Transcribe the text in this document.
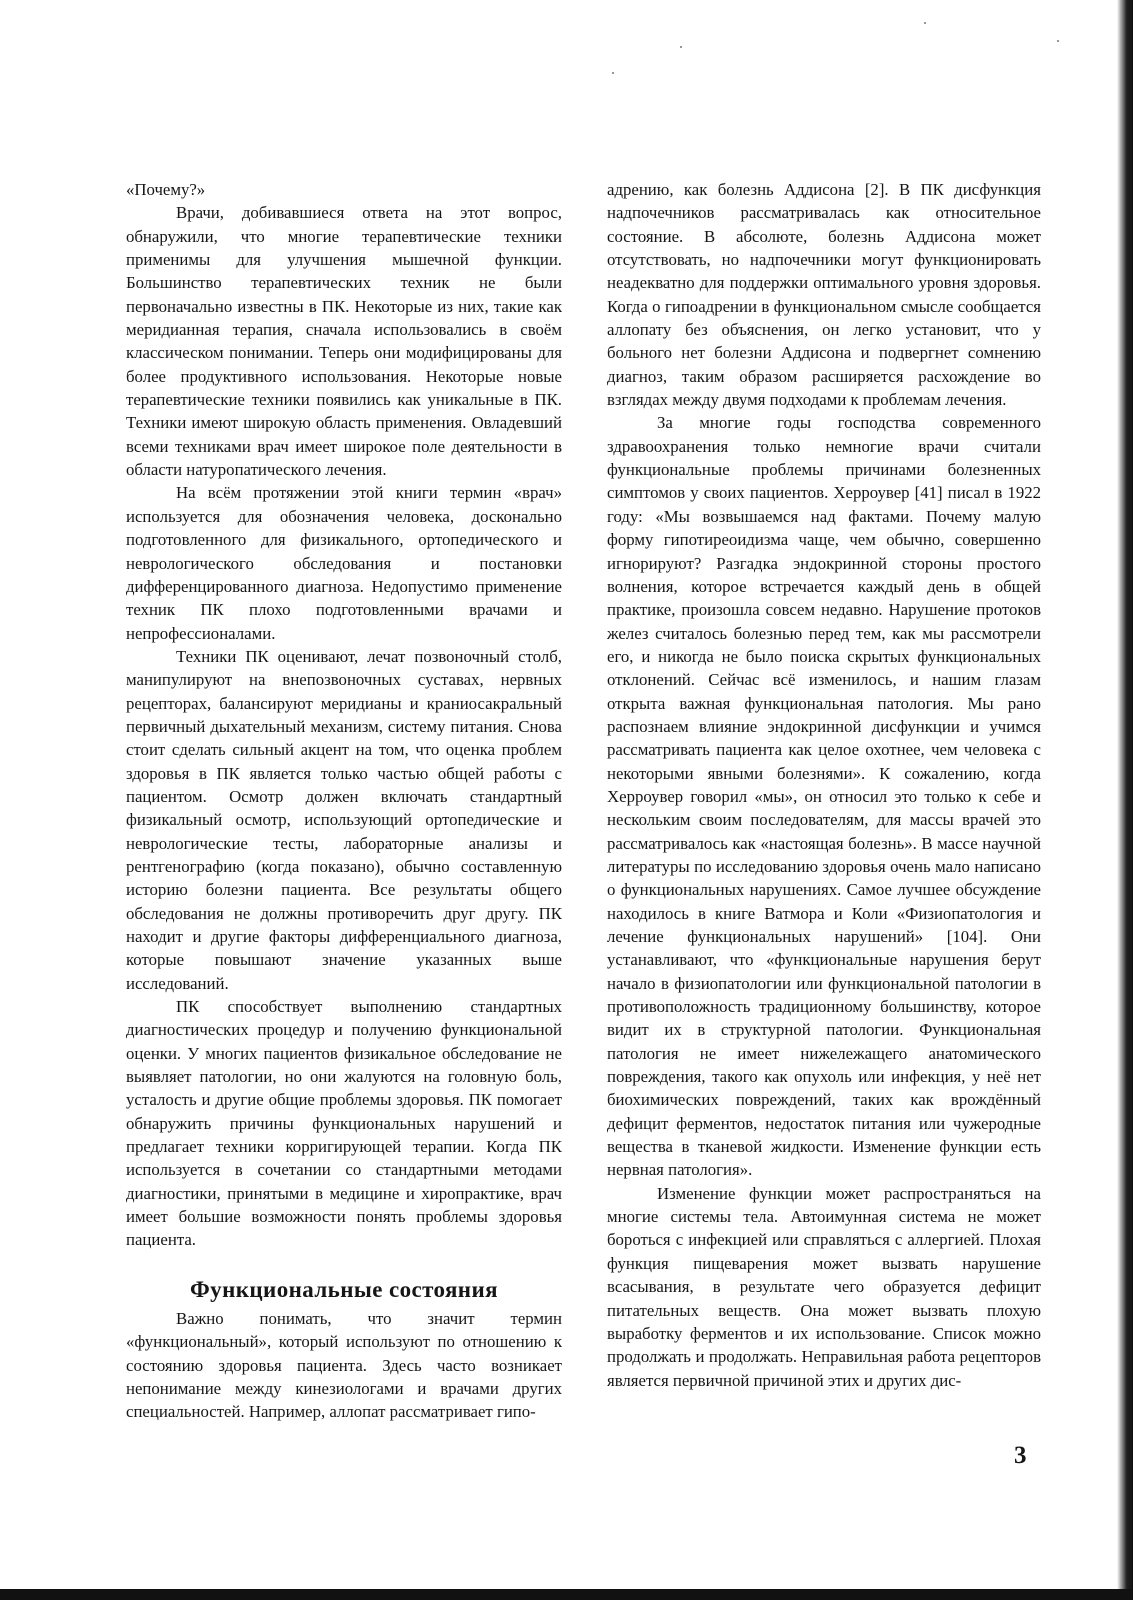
«Почему?»

Врачи, добивавшиеся ответа на этот вопрос, обнаружили, что многие терапевтические техники применимы для улучшения мышечной функции. Большинство терапевтических техник не были первоначально известны в ПК. Некоторые из них, такие как меридианная терапия, сначала использовались в своём классическом понимании. Теперь они модифицированы для более продуктивного использования. Некоторые новые терапевтические техники появились как уникальные в ПК. Техники имеют широкую область применения. Овладевший всеми техниками врач имеет широкое поле деятельности в области натуропатического лечения.

На всём протяжении этой книги термин «врач» используется для обозначения человека, досконально подготовленного для физикального, ортопедического и неврологического обследования и постановки дифференцированного диагноза. Недопустимо применение техник ПК плохо подготовленными врачами и непрофессионалами.

Техники ПК оценивают, лечат позвоночный столб, манипулируют на внепозвоночных суставах, нервных рецепторах, балансируют меридианы и краниосакральный первичный дыхательный механизм, систему питания. Снова стоит сделать сильный акцент на том, что оценка проблем здоровья в ПК является только частью общей работы с пациентом. Осмотр должен включать стандартный физикальный осмотр, использующий ортопедические и неврологические тесты, лабораторные анализы и рентгенографию (когда показано), обычно составленную историю болезни пациента. Все результаты общего обследования не должны противоречить друг другу. ПК находит и другие факторы дифференциального диагноза, которые повышают значение указанных выше исследований.

ПК способствует выполнению стандартных диагностических процедур и получению функциональной оценки. У многих пациентов физикальное обследование не выявляет патологии, но они жалуются на головную боль, усталость и другие общие проблемы здоровья. ПК помогает обнаружить причины функциональных нарушений и предлагает техники корригирующей терапии. Когда ПК используется в сочетании со стандартными методами диагностики, принятыми в медицине и хиропрактике, врач имеет большие возможности понять проблемы здоровья пациента.

Функциональные состояния

Важно понимать, что значит термин «функциональный», который используют по отношению к состоянию здоровья пациента. Здесь часто возникает непонимание между кинезиологами и врачами других специальностей. Например, аллопат рассматривает гипо-

адрению, как болезнь Аддисона [2]. В ПК дисфункция надпочечников рассматривалась как относительное состояние. В абсолюте, болезнь Аддисона может отсутствовать, но надпочечники могут функционировать неадекватно для поддержки оптимального уровня здоровья. Когда о гипоадрении в функциональном смысле сообщается аллопату без объяснения, он легко установит, что у больного нет болезни Аддисона и подвергнет сомнению диагноз, таким образом расширяется расхождение во взглядах между двумя подходами к проблемам лечения.

За многие годы господства современного здравоохранения только немногие врачи считали функциональные проблемы причинами болезненных симптомов у своих пациентов. Херроувер [41] писал в 1922 году: «Мы возвышаемся над фактами. Почему малую форму гипотиреоидизма чаще, чем обычно, совершенно игнорируют? Разгадка эндокринной стороны простого волнения, которое встречается каждый день в общей практике, произошла совсем недавно. Нарушение протоков желез считалось болезнью перед тем, как мы рассмотрели его, и никогда не было поиска скрытых функциональных отклонений. Сейчас всё изменилось, и нашим глазам открыта важная функциональная патология. Мы рано распознаем влияние эндокринной дисфункции и учимся рассматривать пациента как целое охотнее, чем человека с некоторыми явными болезнями». К сожалению, когда Херроувер говорил «мы», он относил это только к себе и нескольким своим последователям, для массы врачей это рассматривалось как «настоящая болезнь». В массе научной литературы по исследованию здоровья очень мало написано о функциональных нарушениях. Самое лучшее обсуждение находилось в книге Ватмора и Коли «Физиопатология и лечение функциональных нарушений» [104]. Они устанавливают, что «функциональные нарушения берут начало в физиопатологии или функциональной патологии в противоположность традиционному большинству, которое видит их в структурной патологии. Функциональная патология не имеет нижележащего анатомического повреждения, такого как опухоль или инфекция, у неё нет биохимических повреждений, таких как врождённый дефицит ферментов, недостаток питания или чужеродные вещества в тканевой жидкости. Изменение функции есть нервная патология».

Изменение функции может распространяться на многие системы тела. Автоимунная система не может бороться с инфекцией или справляться с аллергией. Плохая функция пищеварения может вызвать нарушение всасывания, в результате чего образуется дефицит питательных веществ. Она может вызвать плохую выработку ферментов и их использование. Список можно продолжать и продолжать. Неправильная работа рецепторов является первичной причиной этих и других дис-

3
